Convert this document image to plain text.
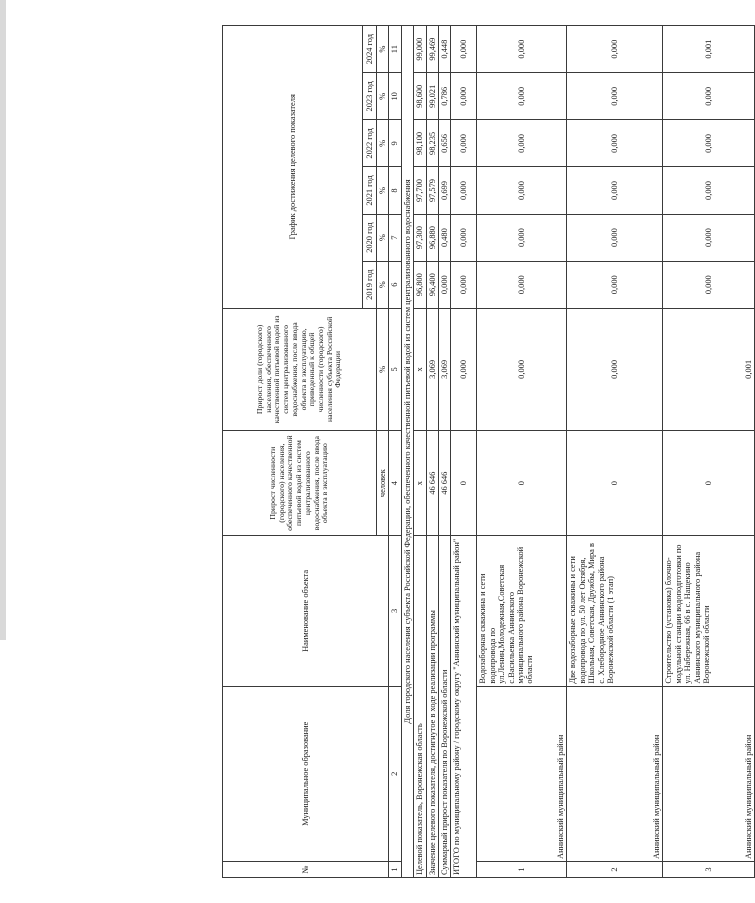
№	Муниципальное образование	Наименование объекта	Прирост численности (городского) населения, обеспеченного качественной питьевой водой из систем централизованного водоснабжения, после ввода объекта в эксплуатацию	Прирост доли (городского) населения, обеспеченного качественной питьевой водой из систем централизованного водоснабжения, после ввода объекта в эксплуатацию, приведенный к общей численности (городского) населения субъекта Российской Федерации	График достижения целевого показателя					
					2019 год	2020 год	2021 год	2022 год	2023 год	2024 год
			человек	%	%	%	%	%	%	%
1	2	3	4	5	6	7	8	9	10	11
Доля городского населения субъекта Российской Федерации, обеспеченного качественной питьевой водой из систем централизованного водоснабжения										
Целевой показатель, Воронежская область			x	x	96,800	97,300	97,700	98,100	98,600	99,000
Значение целевого показателя, достигнутое в ходе реализации программы			46 646	3,069	96,400	96,880	97,579	98,235	99,021	99,469
Суммарный прирост показателя по Воронежской области			46 646	3,069	0,000	0,480	0,699	0,656	0,786	0,448
ИТОГО по муниципальному району / городскому округу "Аннинский муниципальный район"			0	0,000	0,000	0,000	0,000	0,000	0,000	0,000
1	Аннинский муниципальный район	Водозаборная скважина и сети водопровода по ул.Ленин,Молодежная,Советская с.Васильевка Аннинского муниципального района Воронежской области	0	0,000	0,000	0,000	0,000	0,000	0,000	0,000
2	Аннинский муниципальный район	Две водозаборные скважины и сети водопровода по ул. 50 лет Октября, Школьная, Советская, Дружбы, Мира в с. Хлебородное Аннинского района Воронежской области (1 этап)	0	0,000	0,000	0,000	0,000	0,000	0,000	0,000
3	Аннинский муниципальный район	Строительство (установка) блочно-модульной станции водоподготовки по ул. Набережная, 66 в с. Нащекино Аннинского муниципального района Воронежской области	0	0,001	0,000	0,000	0,000	0,000	0,000	0,001
